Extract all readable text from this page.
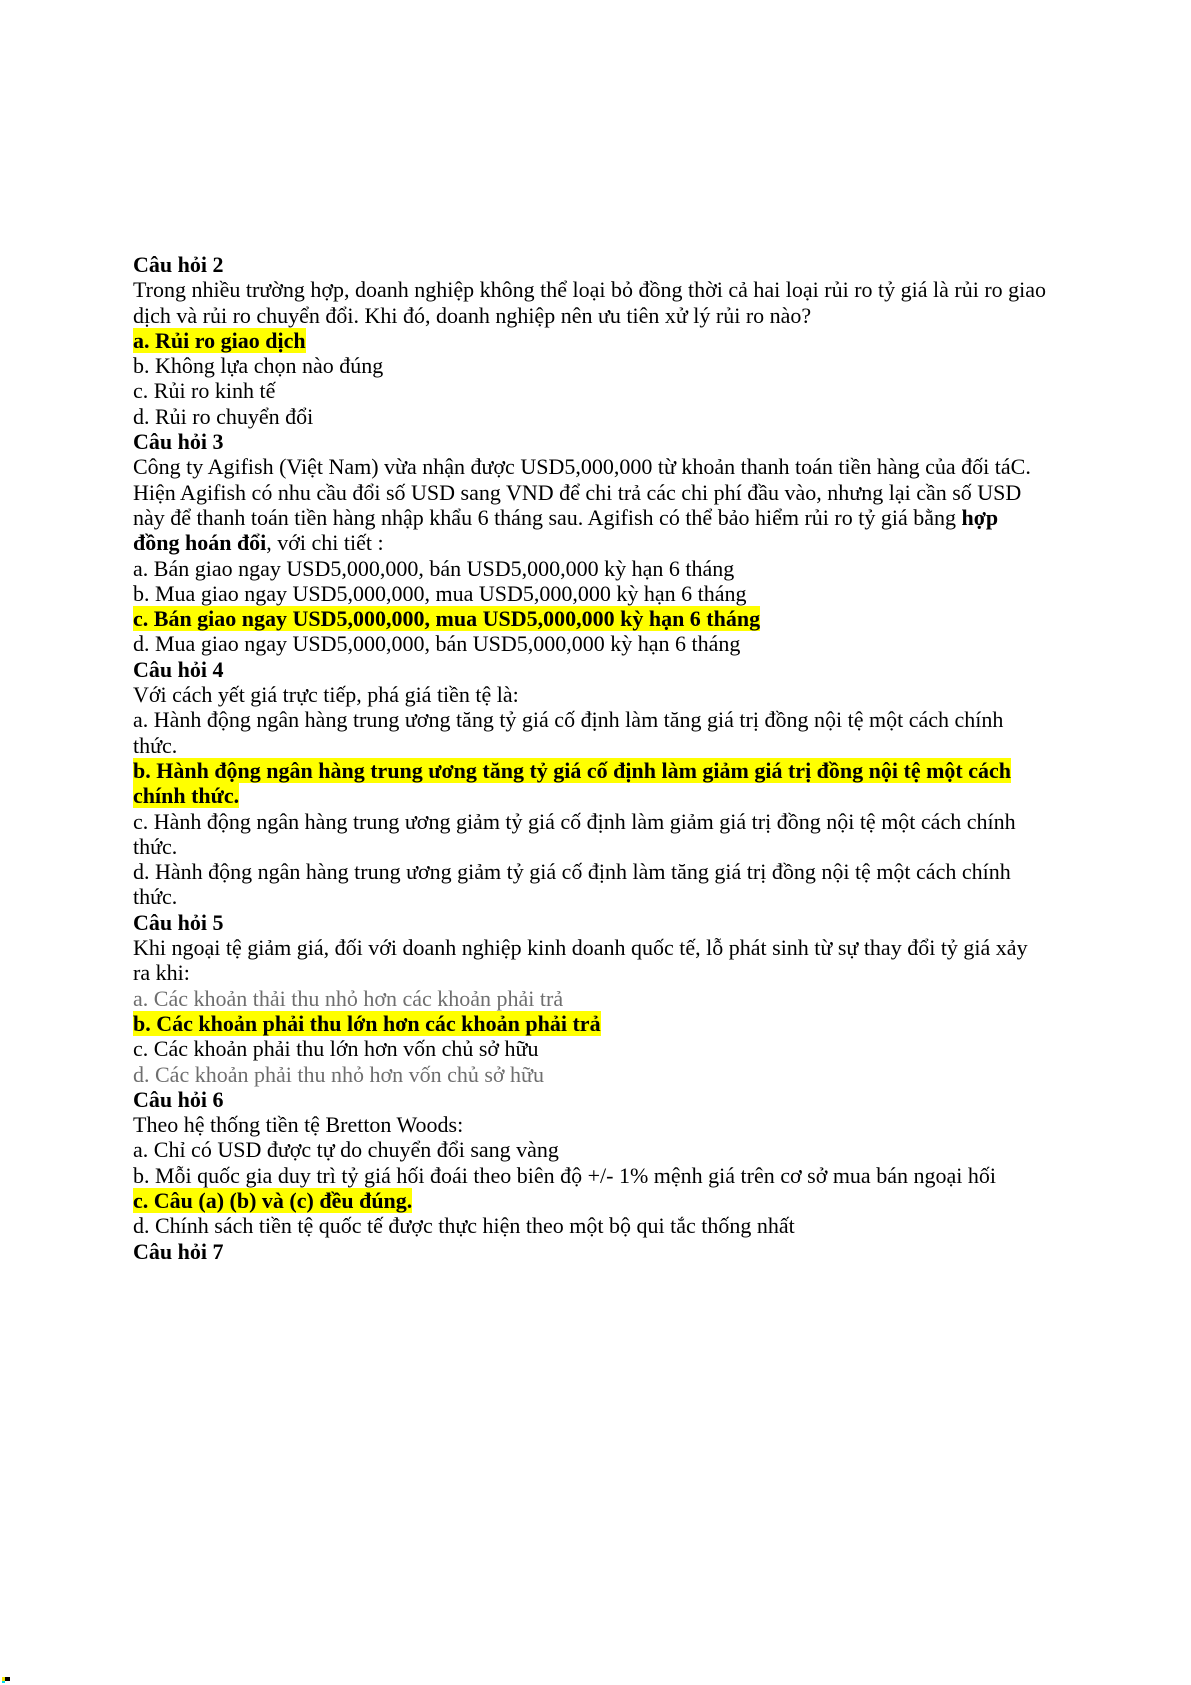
Câu hỏi 2
Trong nhiều trường hợp, doanh nghiệp không thể loại bỏ đồng thời cả hai loại rủi ro tỷ giá là rủi ro giao dịch và rủi ro chuyển đổi. Khi đó, doanh nghiệp nên ưu tiên xử lý rủi ro nào?
a. Rủi ro giao dịch
b. Không lựa chọn nào đúng
c. Rủi ro kinh tế
d. Rủi ro chuyển đổi
Câu hỏi 3
Công ty Agifish (Việt Nam) vừa nhận được USD5,000,000 từ khoản thanh toán tiền hàng của đối táC. Hiện Agifish có nhu cầu đổi số USD sang VND để chi trả các chi phí đầu vào, nhưng lại cần số USD này để thanh toán tiền hàng nhập khẩu 6 tháng sau. Agifish có thể bảo hiểm rủi ro tỷ giá bằng hợp đồng hoán đổi, với chi tiết :
a. Bán giao ngay USD5,000,000, bán USD5,000,000 kỳ hạn 6 tháng
b. Mua giao ngay USD5,000,000, mua USD5,000,000 kỳ hạn 6 tháng
c. Bán giao ngay USD5,000,000, mua USD5,000,000 kỳ hạn 6 tháng
d. Mua giao ngay USD5,000,000, bán USD5,000,000 kỳ hạn 6 tháng
Câu hỏi 4
Với cách yết giá trực tiếp, phá giá tiền tệ là:
a. Hành động ngân hàng trung ương tăng tỷ giá cố định làm tăng giá trị đồng nội tệ một cách chính thức.
b. Hành động ngân hàng trung ương tăng tỷ giá cố định làm giảm giá trị đồng nội tệ một cách chính thức.
c. Hành động ngân hàng trung ương giảm tỷ giá cố định làm giảm giá trị đồng nội tệ một cách chính thức.
d. Hành động ngân hàng trung ương giảm tỷ giá cố định làm tăng giá trị đồng nội tệ một cách chính thức.
Câu hỏi 5
Khi ngoại tệ giảm giá, đối với doanh nghiệp kinh doanh quốc tế, lỗ phát sinh từ sự thay đổi tỷ giá xảy ra khi:
a. Các khoản thải thu nhỏ hơn các khoản phải trả
b. Các khoản phải thu lớn hơn các khoản phải trả
c. Các khoản phải thu lớn hơn vốn chủ sở hữu
d. Các khoản phải thu nhỏ hơn vốn chủ sở hữu
Câu hỏi 6
Theo hệ thống tiền tệ Bretton Woods:
a. Chỉ có USD được tự do chuyển đổi sang vàng
b. Mỗi quốc gia duy trì tỷ giá hối đoái theo biên độ +/- 1% mệnh giá trên cơ sở mua bán ngoại hối
c. Câu (a) (b) và (c) đều đúng.
d. Chính sách tiền tệ quốc tế được thực hiện theo một bộ qui tắc thống nhất
Câu hỏi 7
